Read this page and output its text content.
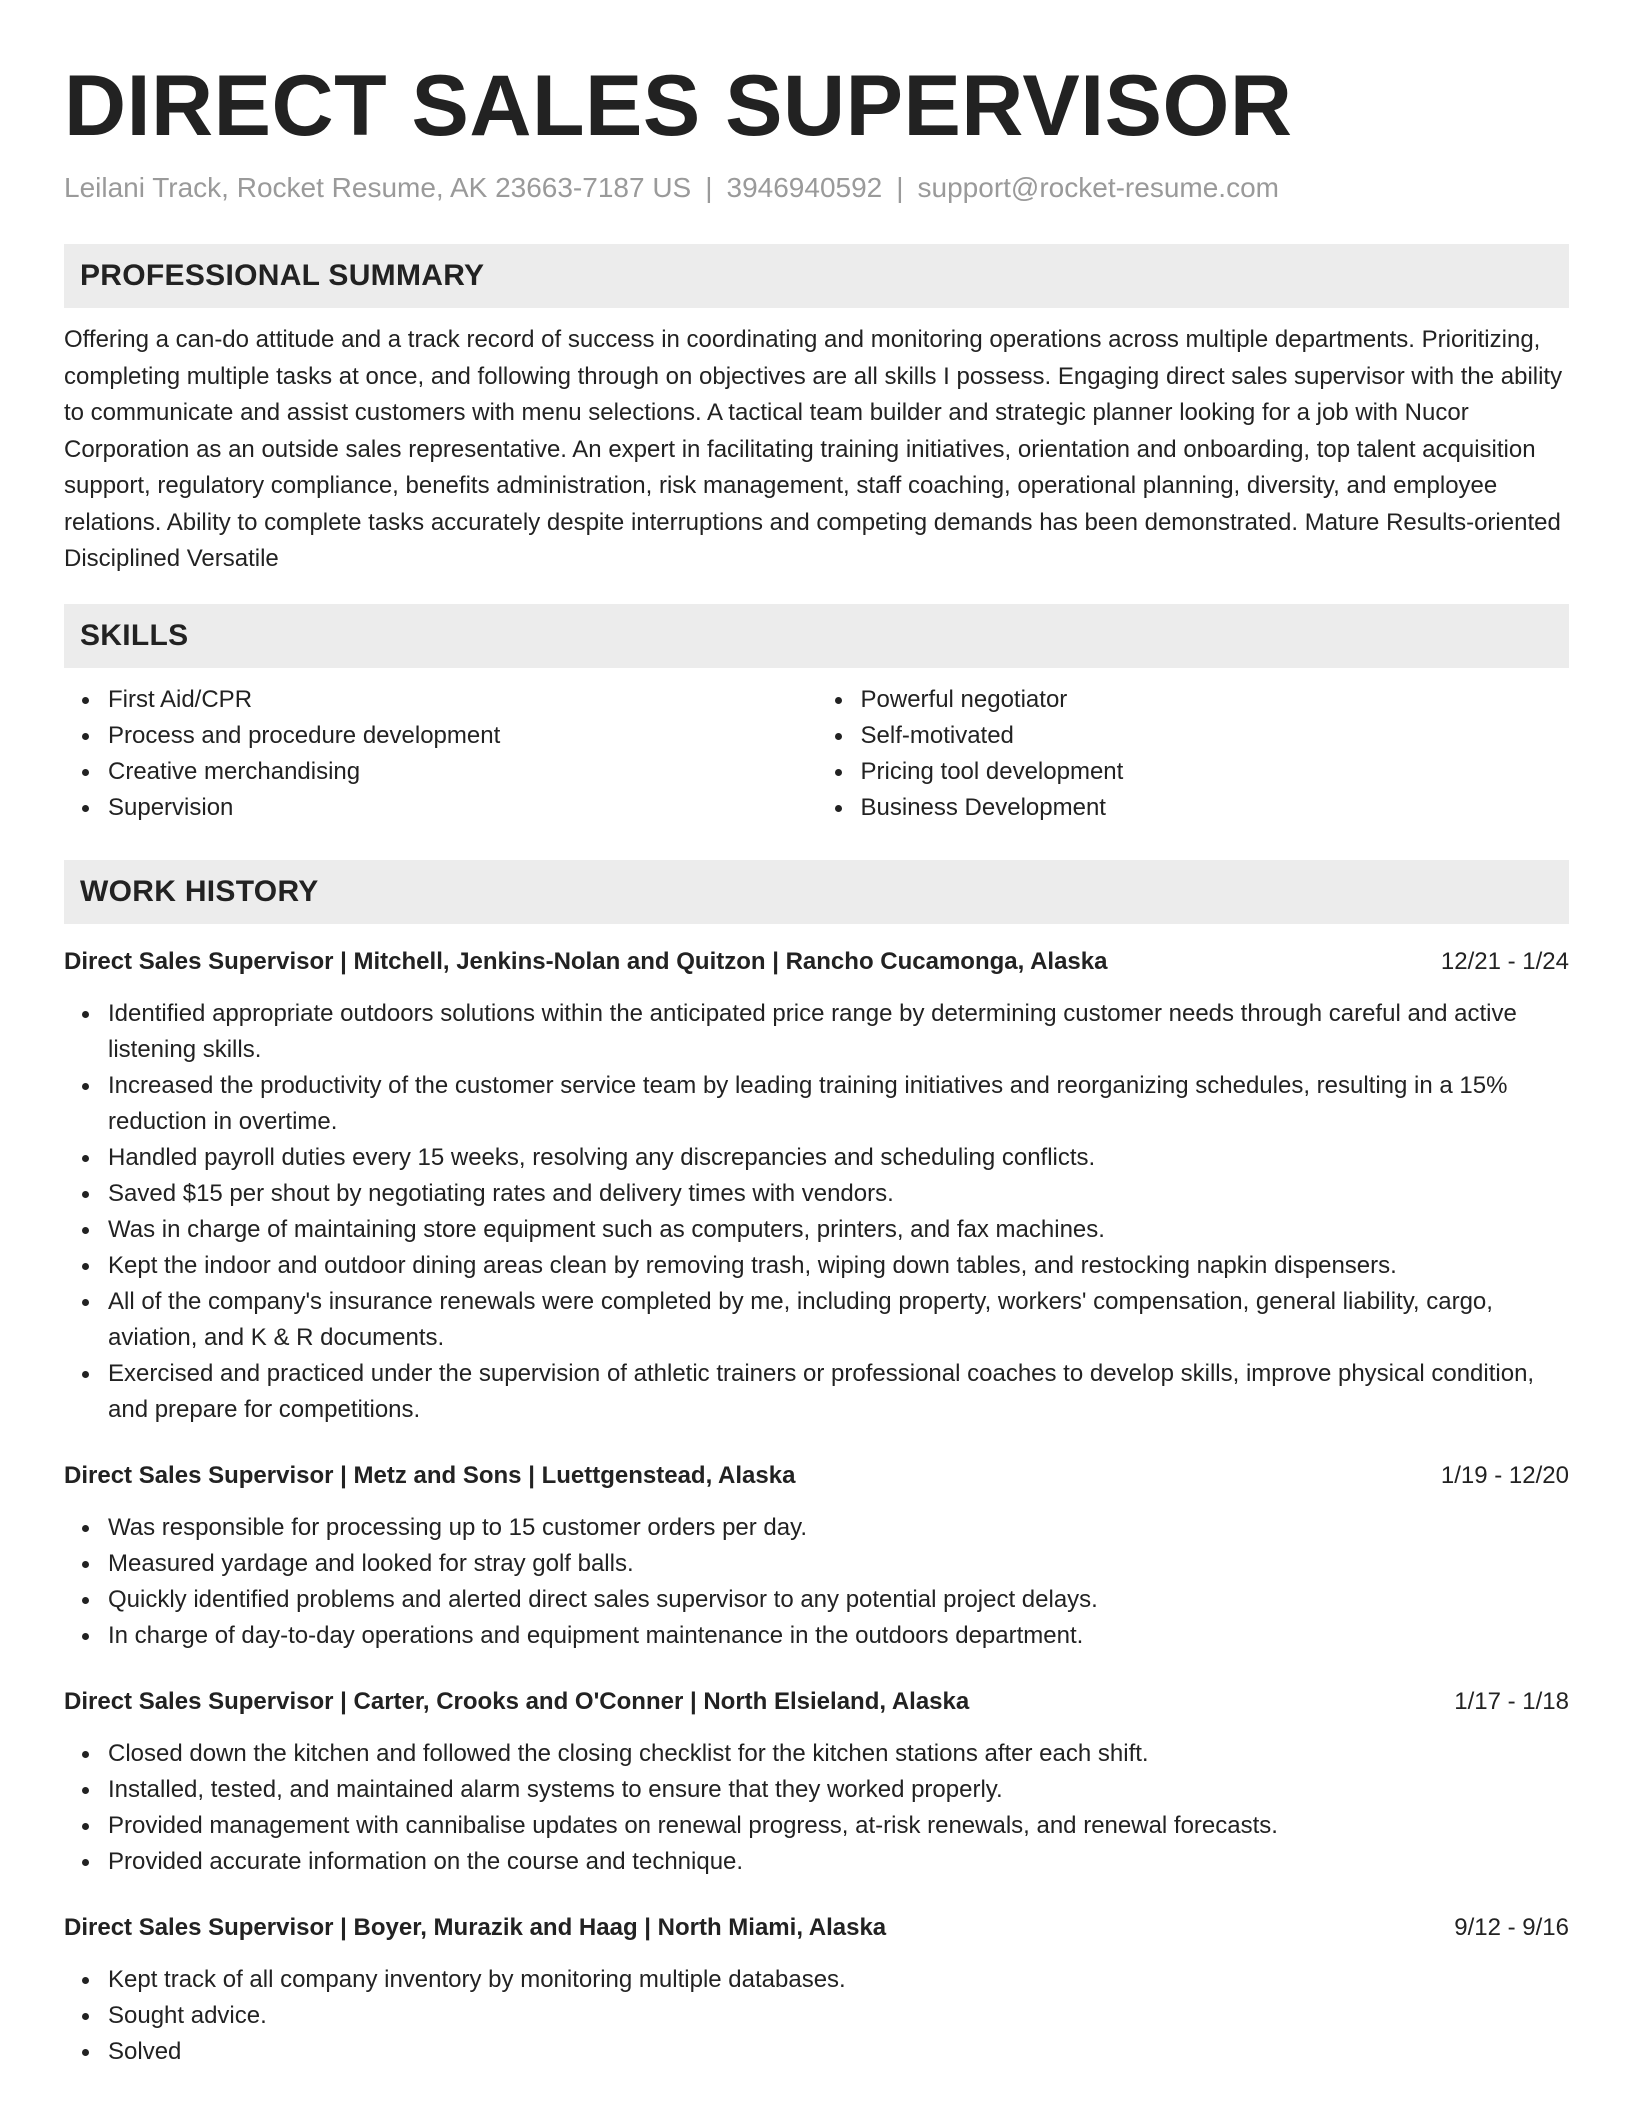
DIRECT SALES SUPERVISOR
Leilani Track, Rocket Resume, AK 23663-7187 US | 3946940592 | support@rocket-resume.com
PROFESSIONAL SUMMARY

Offering a can-do attitude and a track record of success in coordinating and monitoring operations across multiple departments. Prioritizing, completing multiple tasks at once, and following through on objectives are all skills I possess. Engaging direct sales supervisor with the ability to communicate and assist customers with menu selections. A tactical team builder and strategic planner looking for a job with Nucor Corporation as an outside sales representative. An expert in facilitating training initiatives, orientation and onboarding, top talent acquisition support, regulatory compliance, benefits administration, risk management, staff coaching, operational planning, diversity, and employee relations. Ability to complete tasks accurately despite interruptions and competing demands has been demonstrated. Mature Results-oriented Disciplined Versatile

SKILLS
First Aid/CPR
Process and procedure development
Creative merchandising
Supervision
Powerful negotiator
Self-motivated
Pricing tool development
Business Development
WORK HISTORY
Direct Sales Supervisor | Mitchell, Jenkins-Nolan and Quitzon | Rancho Cucamonga, Alaska	12/21 - 1/24
Identified appropriate outdoors solutions within the anticipated price range by determining customer needs through careful and active listening skills.
Increased the productivity of the customer service team by leading training initiatives and reorganizing schedules, resulting in a 15% reduction in overtime.
Handled payroll duties every 15 weeks, resolving any discrepancies and scheduling conflicts.
Saved $15 per shout by negotiating rates and delivery times with vendors.
Was in charge of maintaining store equipment such as computers, printers, and fax machines.
Kept the indoor and outdoor dining areas clean by removing trash, wiping down tables, and restocking napkin dispensers.
All of the company's insurance renewals were completed by me, including property, workers' compensation, general liability, cargo, aviation, and K & R documents.
Exercised and practiced under the supervision of athletic trainers or professional coaches to develop skills, improve physical condition, and prepare for competitions.
Direct Sales Supervisor | Metz and Sons | Luettgenstead, Alaska	1/19 - 12/20
Was responsible for processing up to 15 customer orders per day.
Measured yardage and looked for stray golf balls.
Quickly identified problems and alerted direct sales supervisor to any potential project delays.
In charge of day-to-day operations and equipment maintenance in the outdoors department.
Direct Sales Supervisor | Carter, Crooks and O'Conner | North Elsieland, Alaska	1/17 - 1/18
Closed down the kitchen and followed the closing checklist for the kitchen stations after each shift.
Installed, tested, and maintained alarm systems to ensure that they worked properly.
Provided management with cannibalise updates on renewal progress, at-risk renewals, and renewal forecasts.
Provided accurate information on the course and technique.
Direct Sales Supervisor | Boyer, Murazik and Haag | North Miami, Alaska	9/12 - 9/16
Kept track of all company inventory by monitoring multiple databases.
Sought advice.
Solved
